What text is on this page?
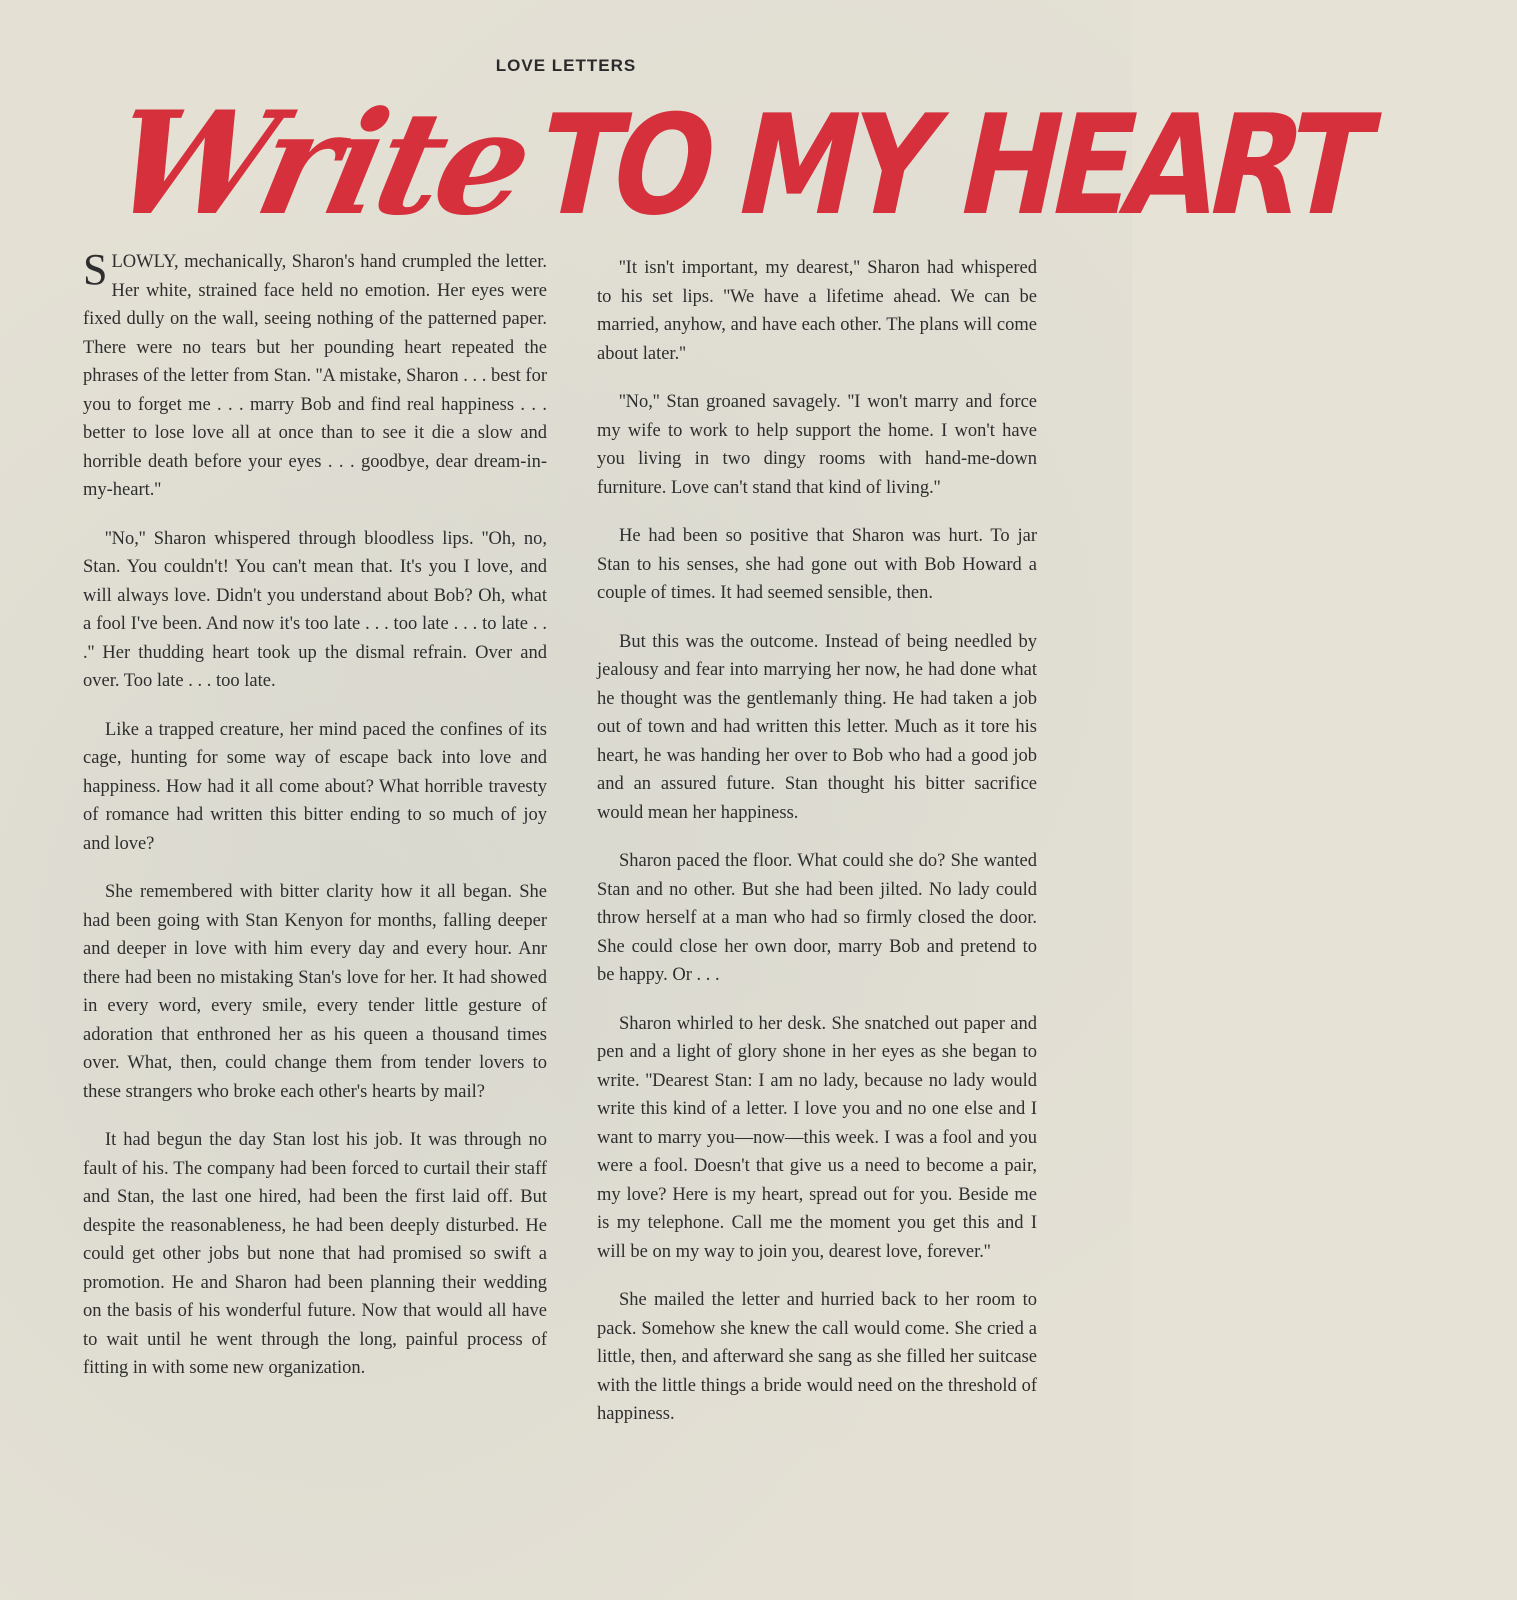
LOVE LETTERS
WriteTO MY HEART

SLOWLY, mechanically, Sharon's hand crumpled the letter. Her white, strained face held no emotion. Her eyes were fixed dully on the wall, seeing nothing of the patterned paper. There were no tears but her pounding heart repeated the phrases of the letter from Stan. ''A mistake, Sharon . . . best for you to forget me . . . marry Bob and find real happiness . . . better to lose love all at once than to see it die a slow and horrible death before your eyes . . . goodbye, dear dream-in-my-heart.''

''No,'' Sharon whispered through bloodless lips. ''Oh, no, Stan. You couldn't! You can't mean that. It's you I love, and will always love. Didn't you understand about Bob? Oh, what a fool I've been. And now it's too late . . . too late . . . to late . . .'' Her thudding heart took up the dismal refrain. Over and over. Too late . . . too late.

Like a trapped creature, her mind paced the confines of its cage, hunting for some way of escape back into love and happiness. How had it all come about? What horrible travesty of romance had written this bitter ending to so much of joy and love?

She remembered with bitter clarity how it all began. She had been going with Stan Kenyon for months, falling deeper and deeper in love with him every day and every hour. Anr there had been no mistaking Stan's love for her. It had showed in every word, every smile, every tender little gesture of adoration that enthroned her as his queen a thousand times over. What, then, could change them from tender lovers to these strangers who broke each other's hearts by mail?

It had begun the day Stan lost his job. It was through no fault of his. The company had been forced to curtail their staff and Stan, the last one hired, had been the first laid off. But despite the reasonableness, he had been deeply disturbed. He could get other jobs but none that had promised so swift a promotion. He and Sharon had been planning their wedding on the basis of his wonderful future. Now that would all have to wait until he went through the long, painful process of fitting in with some new organization.

''It isn't important, my dearest,'' Sharon had whispered to his set lips. ''We have a lifetime ahead. We can be married, anyhow, and have each other. The plans will come about later.''

''No,'' Stan groaned savagely. ''I won't marry and force my wife to work to help support the home. I won't have you living in two dingy rooms with hand-me-down furniture. Love can't stand that kind of living.''

He had been so positive that Sharon was hurt. To jar Stan to his senses, she had gone out with Bob Howard a couple of times. It had seemed sensible, then.

But this was the outcome. Instead of being needled by jealousy and fear into marrying her now, he had done what he thought was the gentlemanly thing. He had taken a job out of town and had written this letter. Much as it tore his heart, he was handing her over to Bob who had a good job and an assured future. Stan thought his bitter sacrifice would mean her happiness.

Sharon paced the floor. What could she do? She wanted Stan and no other. But she had been jilted. No lady could throw herself at a man who had so firmly closed the door. She could close her own door, marry Bob and pretend to be happy. Or . . .

Sharon whirled to her desk. She snatched out paper and pen and a light of glory shone in her eyes as she began to write. ''Dearest Stan: I am no lady, because no lady would write this kind of a letter. I love you and no one else and I want to marry you—now—this week. I was a fool and you were a fool. Doesn't that give us a need to become a pair, my love? Here is my heart, spread out for you. Beside me is my telephone. Call me the moment you get this and I will be on my way to join you, dearest love, forever.''

She mailed the letter and hurried back to her room to pack. Somehow she knew the call would come. She cried a little, then, and afterward she sang as she filled her suitcase with the little things a bride would need on the threshold of happiness.
